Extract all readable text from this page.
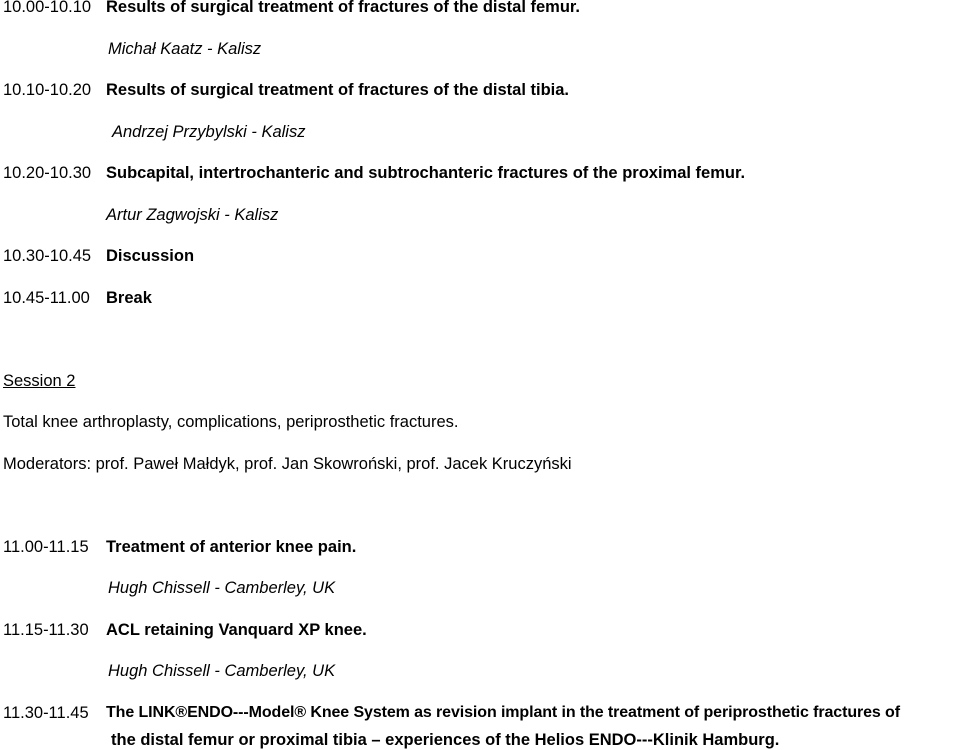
10.00-10.10 Results of surgical treatment of fractures of the distal femur.
Michał Kaatz - Kalisz
10.10-10.20 Results of surgical treatment of fractures of the distal tibia.
Andrzej Przybylski - Kalisz
10.20-10.30 Subcapital, intertrochanteric and subtrochanteric fractures of the proximal femur.
Artur Zagwojski - Kalisz
10.30-10.45 Discussion
10.45-11.00 Break
Session 2
Total knee arthroplasty, complications, periprosthetic fractures.
Moderators: prof. Paweł Małdyk, prof. Jan Skowroński, prof. Jacek Kruczyński
11.00-11.15 Treatment of anterior knee pain.
Hugh Chissell - Camberley, UK
11.15-11.30 ACL retaining Vanquard XP knee.
Hugh Chissell - Camberley, UK
11.30-11.45 The LINK®ENDO---Model® Knee System as revision implant in the treatment of periprosthetic fractures of
the distal femur or proximal tibia – experiences of the Helios ENDO---Klinik Hamburg.
